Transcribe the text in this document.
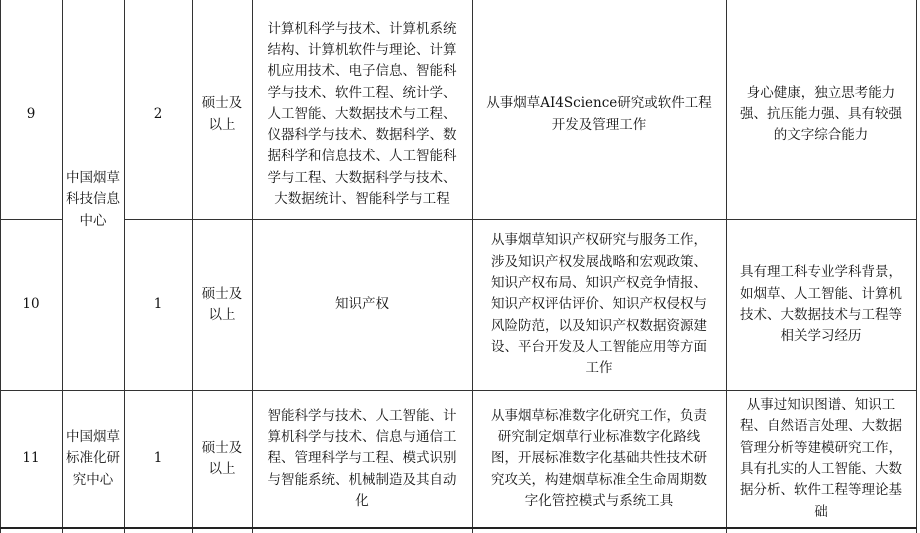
9	2
硕士及
以上
计算机科学与技术、计算机系统
结构、计算机软件与理论、计算
机应用技术、电子信息、智能科
学与技术、软件工程、统计学、
人工智能、大数据技术与工程、
仪器科学与技术、数据科学、数
据科学和信息技术、人工智能科
学与工程、大数据科学与技术、
大数据统计、智能科学与工程
从事烟草AI4Science研究或软件工程
开发及管理工作
身心健康，独立思考能力
强、抗压能力强、具有较强
的文字综合能力
中国烟草
科技信息
中心
10	1
硕士及
以上
知识产权
从事烟草知识产权研究与服务工作，
涉及知识产权发展战略和宏观政策、
知识产权布局、知识产权竞争情报、
知识产权评估评价、知识产权侵权与
风险防范，以及知识产权数据资源建
设、平台开发及人工智能应用等方面
工作
具有理工科专业学科背景，
如烟草、人工智能、计算机
技术、大数据技术与工程等
相关学习经历
11
中国烟草
标准化研
究中心
1
硕士及
以上
智能科学与技术、人工智能、计
算机科学与技术、信息与通信工
程、管理科学与工程、模式识别
与智能系统、机械制造及其自动
化
从事烟草标准数字化研究工作，负责
研究制定烟草行业标准数字化路线
图，开展标准数字化基础共性技术研
究攻关，构建烟草标准全生命周期数
字化管控模式与系统工具
从事过知识图谱、知识工
程、自然语言处理、大数据
管理分析等建模研究工作，
具有扎实的人工智能、大数
据分析、软件工程等理论基
础
